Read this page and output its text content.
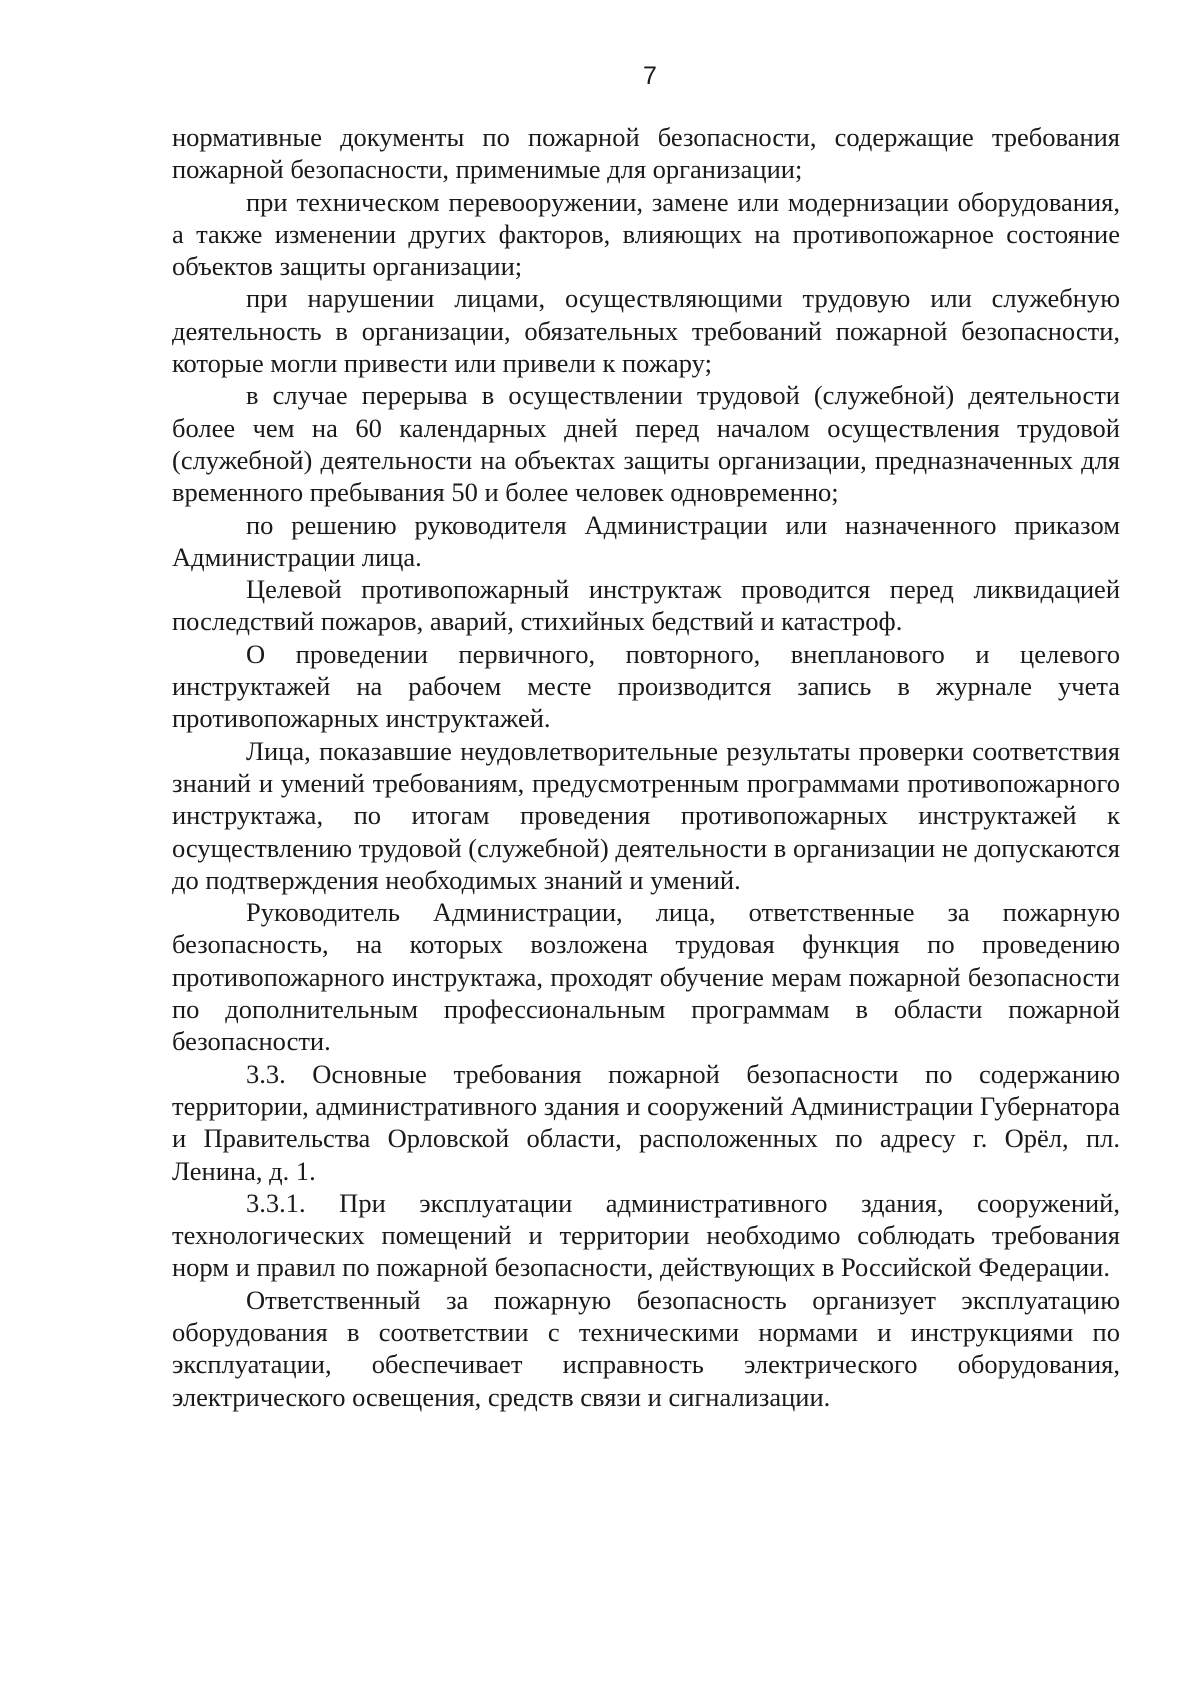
7

нормативные документы по пожарной безопасности, содержащие требования пожарной безопасности, применимые для организации;

при техническом перевооружении, замене или модернизации оборудования, а также изменении других факторов, влияющих на противопожарное состояние объектов защиты организации;

при нарушении лицами, осуществляющими трудовую или служебную деятельность в организации, обязательных требований пожарной безопасности, которые могли привести или привели к пожару;

в случае перерыва в осуществлении трудовой (служебной) деятельности более чем на 60 календарных дней перед началом осуществления трудовой (служебной) деятельности на объектах защиты организации, предназначенных для временного пребывания 50 и более человек одновременно;

по решению руководителя Администрации или назначенного приказом Администрации лица.

Целевой противопожарный инструктаж проводится перед ликвидацией последствий пожаров, аварий, стихийных бедствий и катастроф.

О проведении первичного, повторного, внепланового и целевого инструктажей на рабочем месте производится запись в журнале учета противопожарных инструктажей.

Лица, показавшие неудовлетворительные результаты проверки соответствия знаний и умений требованиям, предусмотренным программами противопожарного инструктажа, по итогам проведения противопожарных инструктажей к осуществлению трудовой (служебной) деятельности в организации не допускаются до подтверждения необходимых знаний и умений.

Руководитель Администрации, лица, ответственные за пожарную безопасность, на которых возложена трудовая функция по проведению противопожарного инструктажа, проходят обучение мерам пожарной безопасности по дополнительным профессиональным программам в области пожарной безопасности.

3.3. Основные требования пожарной безопасности по содержанию территории, административного здания и сооружений Администрации Губернатора и Правительства Орловской области, расположенных по адресу г. Орёл, пл. Ленина, д. 1.

3.3.1. При эксплуатации административного здания, сооружений, технологических помещений и территории необходимо соблюдать требования норм и правил по пожарной безопасности, действующих в Российской Федерации.

Ответственный за пожарную безопасность организует эксплуатацию оборудования в соответствии с техническими нормами и инструкциями по эксплуатации, обеспечивает исправность электрического оборудования, электрического освещения, средств связи и сигнализации.
